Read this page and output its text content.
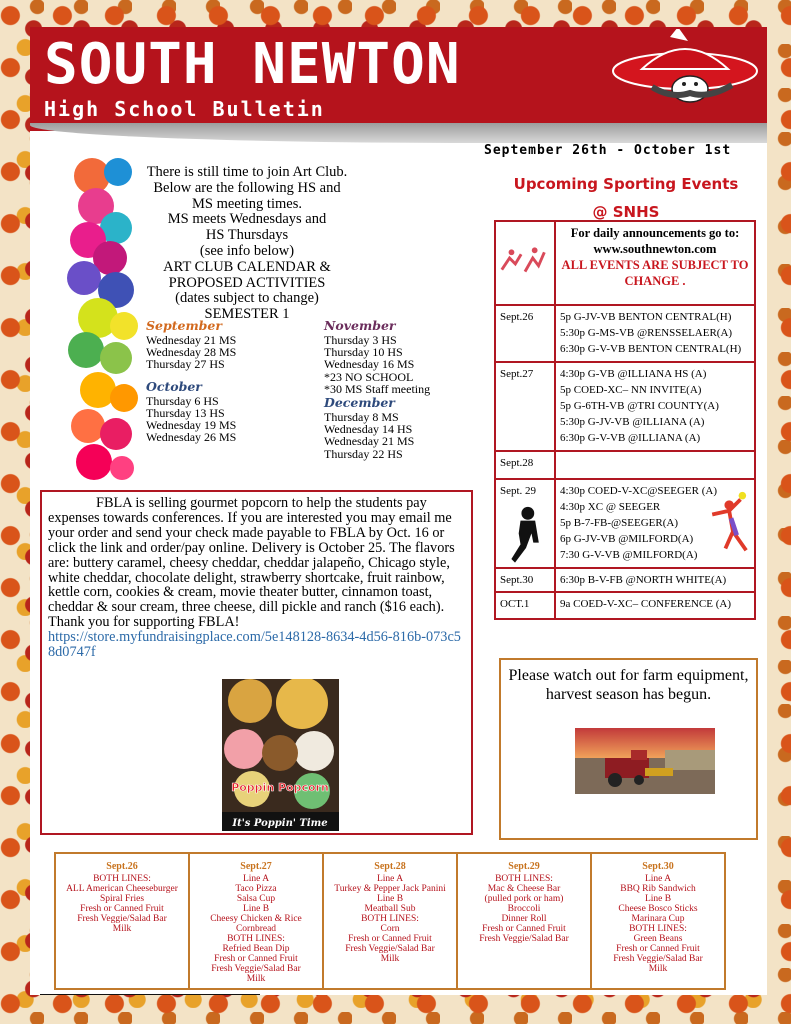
SOUTH NEWTON
High School Bulletin
September 26th - October 1st
There is still time to join Art Club.
Below are the following HS and
MS meeting times.
MS meets Wednesdays and
HS Thursdays
(see info below)
ART CLUB CALENDAR &
PROPOSED ACTIVITIES
(dates subject to change)
SEMESTER 1
September
Wednesday 21 MS
Wednesday 28 MS
Thursday 27 HS
October
Thursday 6 HS
Thursday 13 HS
Wednesday 19 MS
Wednesday 26 MS
November
Thursday 3 HS
Thursday 10 HS
Wednesday 16 MS
*23 NO SCHOOL
*30 MS Staff meeting
December
Thursday 8 MS
Wednesday 14 HS
Wednesday 21 MS
Thursday 22 HS

FBLA is selling gourmet popcorn to help the students pay expenses towards conferences. If you are interested you may email me your order and send your check made payable to FBLA by Oct. 16 or click the link and order/pay online. Delivery is October 25. The flavors are: buttery caramel, cheesy cheddar, cheddar jalapeño, Chicago style, white cheddar, chocolate delight, strawberry shortcake, fruit rainbow, kettle corn, cookies & cream, movie theater butter, cinnamon toast, cheddar & sour cream, three cheese, dill pickle and ranch ($16 each). Thank you for supporting FBLA!

https://store.myfundraisingplace.com/5e148128-8634-4d56-816b-073c58d0747f
Poppin Popcorn
It's Poppin' Time
Upcoming Sporting Events
@ SNHS

For daily announcements go to: www.southnewton.com
ALL EVENTS ARE SUBJECT TO CHANGE .

Sept.26	5p G-JV-VB BENTON CENTRAL(H)
5:30p G-MS-VB @RENSSELAER(A)
6:30p G-V-VB BENTON CENTRAL(H)

Sept.27	4:30p G-VB @ILLIANA HS (A)
5p COED-XC– NN INVITE(A)
5p G-6TH-VB @TRI COUNTY(A)
5:30p G-JV-VB @ILLIANA (A)
6:30p G-V-VB @ILLIANA (A)

Sept.28	

Sept. 29	4:30p COED-V-XC@SEEGER (A)
4:30p XC @ SEEGER
5p B-7-FB-@SEEGER(A)
6p G-JV-VB @MILFORD(A)
7:30 G-V-VB @MILFORD(A)

Sept.30	6:30p B-V-FB @NORTH WHITE(A)

OCT.1	9a COED-V-XC– CONFERENCE (A)
Please watch out for farm equipment, harvest season has begun.
Sept.26
BOTH LINES:
ALL American Cheeseburger
Spiral Fries
Fresh or Canned Fruit
Fresh Veggie/Salad Bar
Milk
Sept.27
Line A
Taco Pizza
Salsa Cup
Line B
Cheesy Chicken & Rice
Cornbread
BOTH LINES:
Refried Bean Dip
Fresh or Canned Fruit
Fresh Veggie/Salad Bar
Milk
Sept.28
Line A
Turkey & Pepper Jack Panini
Line B
Meatball Sub
BOTH LINES:
Corn
Fresh or Canned Fruit
Fresh Veggie/Salad Bar
Milk
Sept.29
BOTH LINES:
Mac & Cheese Bar
(pulled pork or ham)
Broccoli
Dinner Roll
Fresh or Canned Fruit
Fresh Veggie/Salad Bar
Sept.30
Line A
BBQ Rib Sandwich
Line B
Cheese Bosco Sticks
Marinara Cup
BOTH LINES:
Green Beans
Fresh or Canned Fruit
Fresh Veggie/Salad Bar
Milk
